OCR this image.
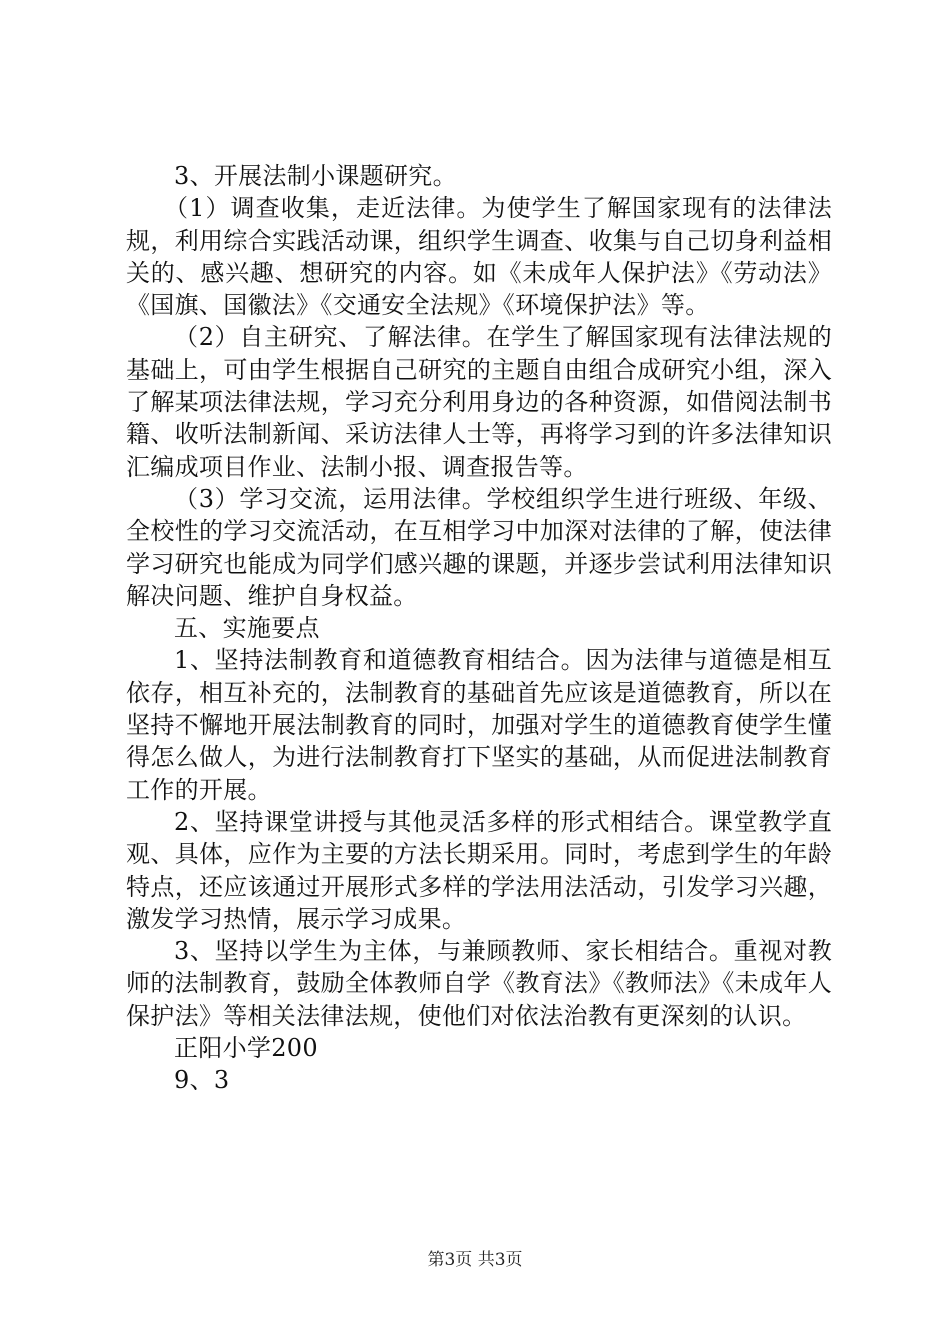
3、开展法制小课题研究。

（1）调查收集，走近法律。为使学生了解国家现有的法律法规，利用综合实践活动课，组织学生调查、收集与自己切身利益相关的、感兴趣、想研究的内容。如《未成年人保护法》《劳动法》《国旗、国徽法》《交通安全法规》《环境保护法》等。

（2）自主研究、了解法律。在学生了解国家现有法律法规的基础上，可由学生根据自己研究的主题自由组合成研究小组，深入了解某项法律法规，学习充分利用身边的各种资源，如借阅法制书籍、收听法制新闻、采访法律人士等，再将学习到的许多法律知识汇编成项目作业、法制小报、调查报告等。

（3）学习交流，运用法律。学校组织学生进行班级、年级、全校性的学习交流活动，在互相学习中加深对法律的了解，使法律学习研究也能成为同学们感兴趣的课题，并逐步尝试利用法律知识解决问题、维护自身权益。

五、实施要点

1、坚持法制教育和道德教育相结合。因为法律与道德是相互依存，相互补充的，法制教育的基础首先应该是道德教育，所以在坚持不懈地开展法制教育的同时，加强对学生的道德教育使学生懂得怎么做人，为进行法制教育打下坚实的基础，从而促进法制教育工作的开展。

2、坚持课堂讲授与其他灵活多样的形式相结合。课堂教学直观、具体，应作为主要的方法长期采用。同时，考虑到学生的年龄特点，还应该通过开展形式多样的学法用法活动，引发学习兴趣，激发学习热情，展示学习成果。

3、坚持以学生为主体，与兼顾教师、家长相结合。重视对教师的法制教育，鼓励全体教师自学《教育法》《教师法》《未成年人保护法》等相关法律法规，使他们对依法治教有更深刻的认识。

正阳小学200

9、3

第3页 共3页
